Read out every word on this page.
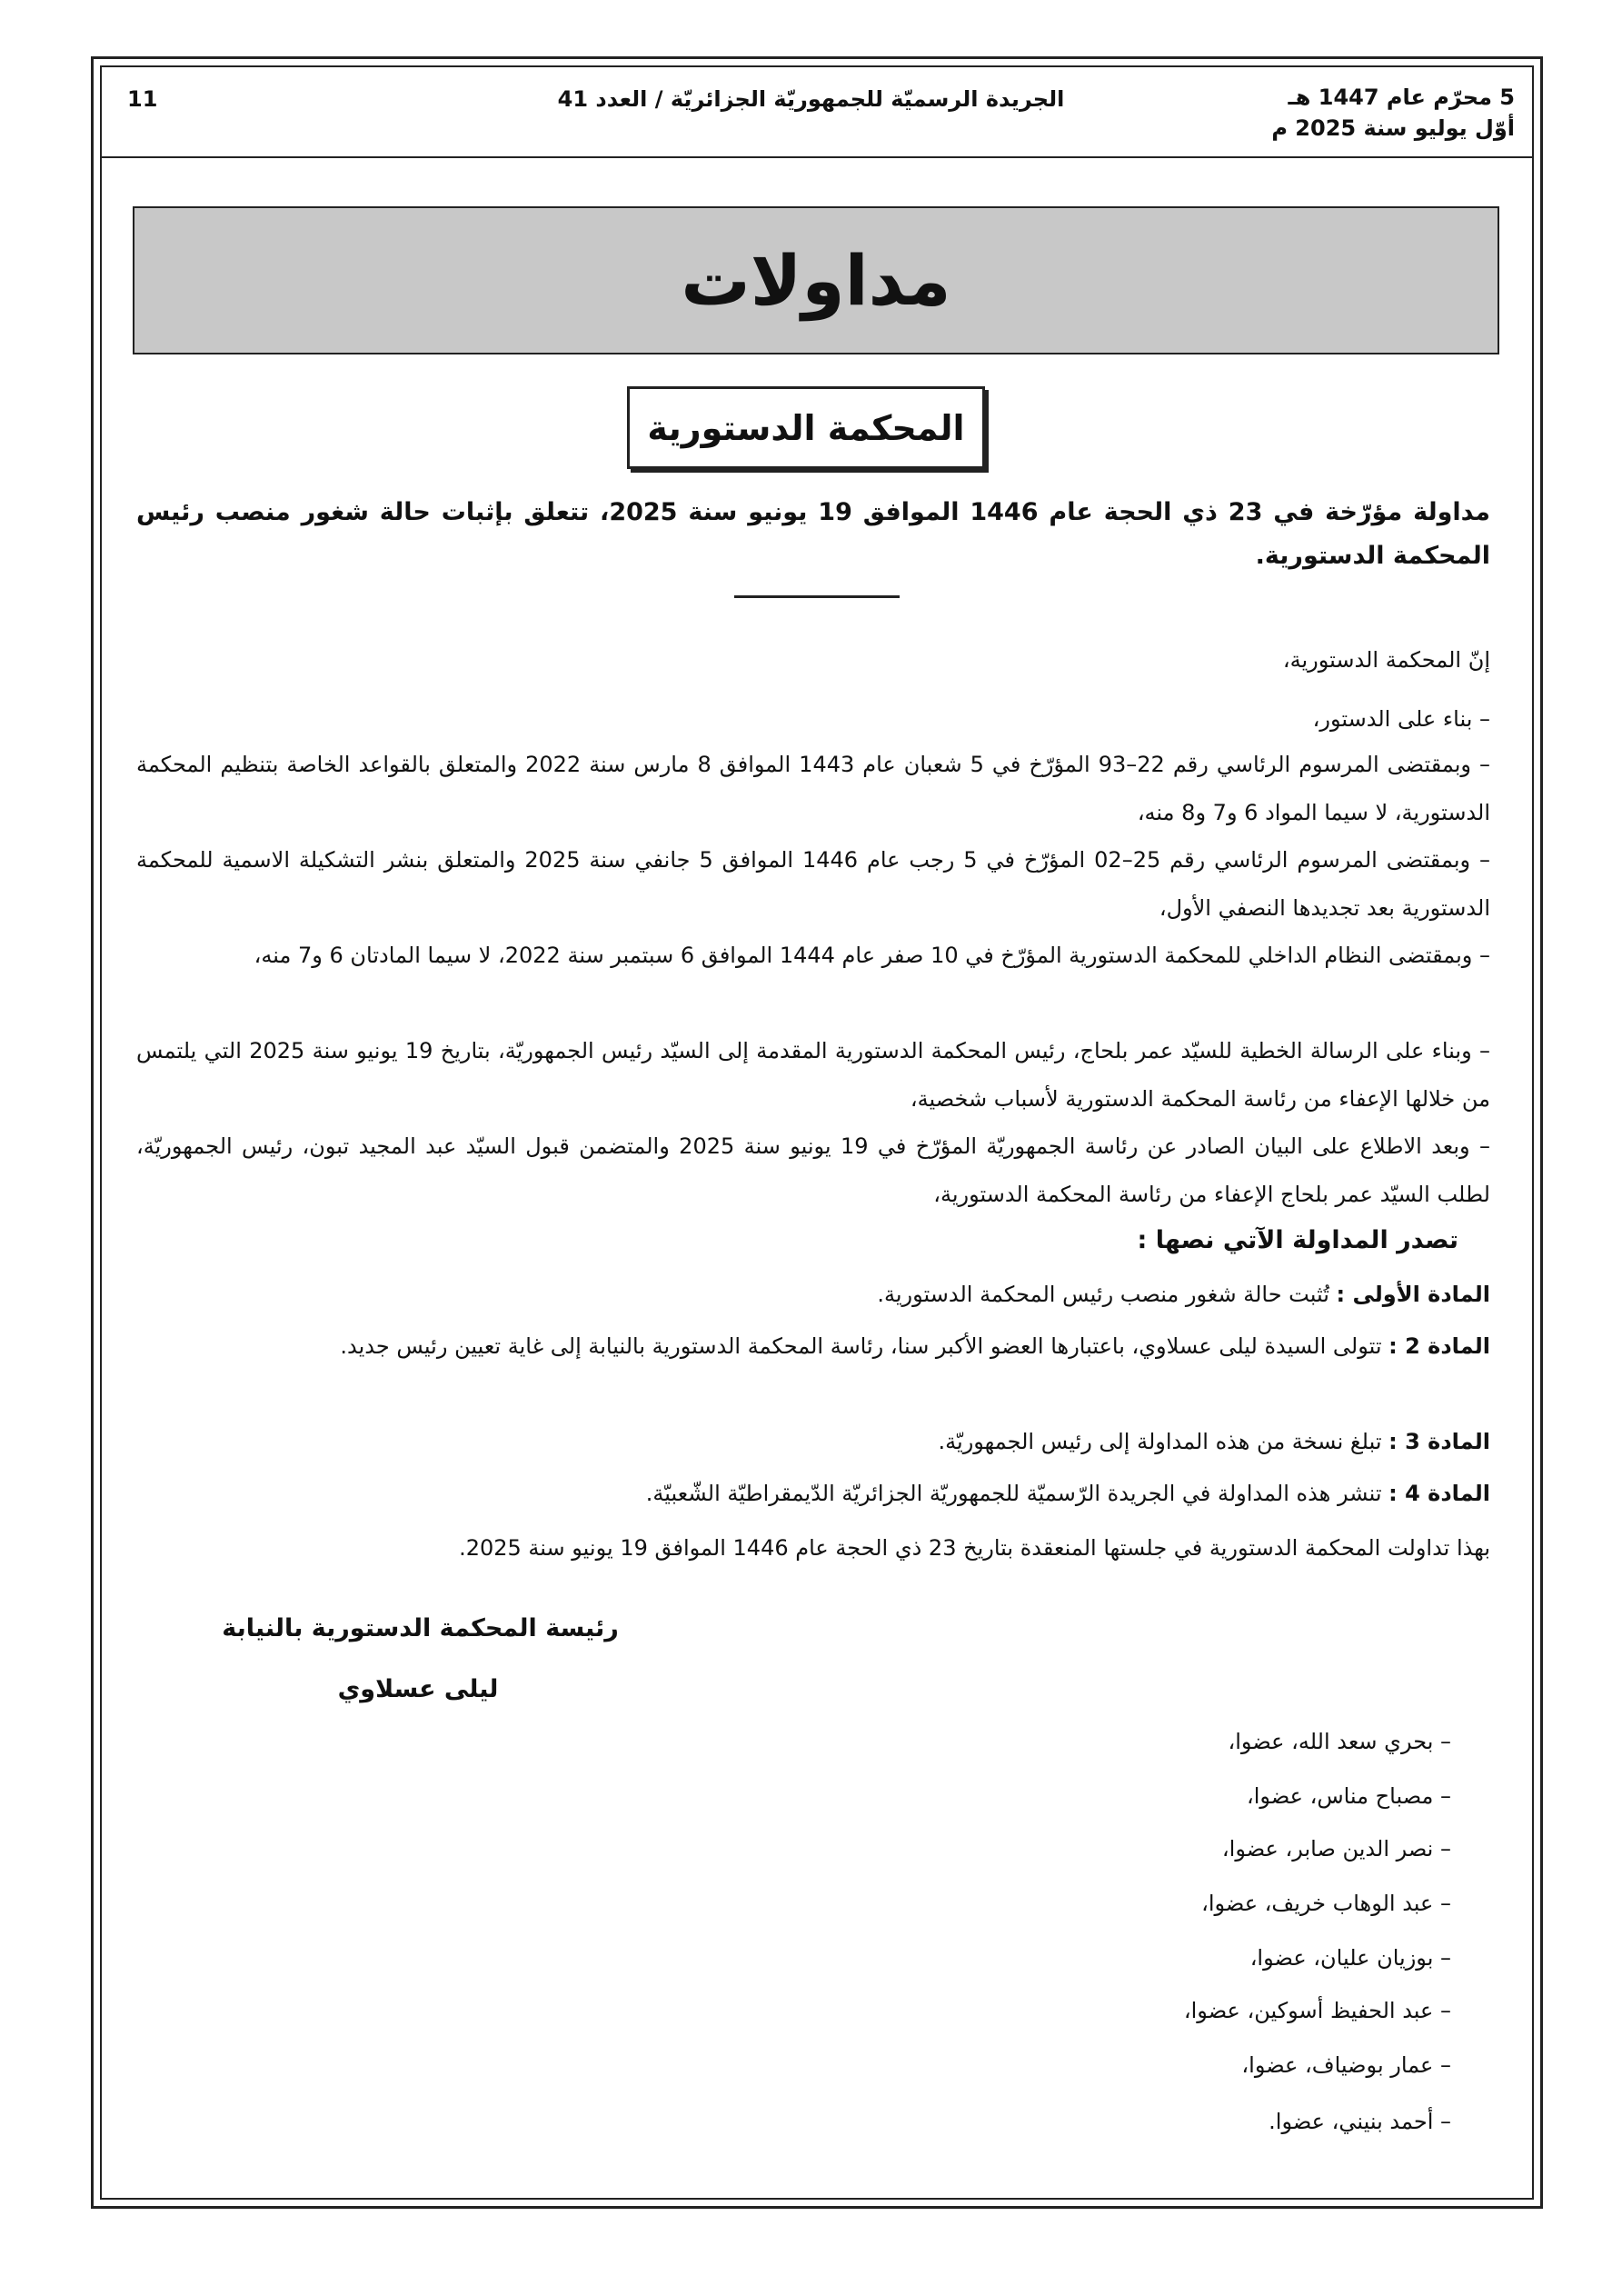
5 محرّم عام 1447 هـ
أوّل يوليو سنة 2025 م
الجريدة الرسميّة للجمهوريّة الجزائريّة / العدد 41
11
مداولات
المحكمة الدستورية
مداولة مؤرّخة في 23 ذي الحجة عام 1446 الموافق 19 يونيو سنة 2025، تتعلق بإثبات حالة شغور منصب رئيس المحكمة الدستورية.
إنّ المحكمة الدستورية،
– بناء على الدستور،
– وبمقتضى المرسوم الرئاسي رقم 22–93 المؤرّخ في 5 شعبان عام 1443 الموافق 8 مارس سنة 2022 والمتعلق بالقواعد الخاصة بتنظيم المحكمة الدستورية، لا سيما المواد 6 و7 و8 منه،
– وبمقتضى المرسوم الرئاسي رقم 25–02 المؤرّخ في 5 رجب عام 1446 الموافق 5 جانفي سنة 2025 والمتعلق بنشر التشكيلة الاسمية للمحكمة الدستورية بعد تجديدها النصفي الأول،
– وبمقتضى النظام الداخلي للمحكمة الدستورية المؤرّخ في 10 صفر عام 1444 الموافق 6 سبتمبر سنة 2022، لا سيما المادتان 6 و7 منه،
– وبناء على الرسالة الخطية للسيّد عمر بلحاج، رئيس المحكمة الدستورية المقدمة إلى السيّد رئيس الجمهوريّة، بتاريخ 19 يونيو سنة 2025 التي يلتمس من خلالها الإعفاء من رئاسة المحكمة الدستورية لأسباب شخصية،
– وبعد الاطلاع على البيان الصادر عن رئاسة الجمهوريّة المؤرّخ في 19 يونيو سنة 2025 والمتضمن قبول السيّد عبد المجيد تبون، رئيس الجمهوريّة، لطلب السيّد عمر بلحاج الإعفاء من رئاسة المحكمة الدستورية،
تصدر المداولة الآتي نصها :
المادة الأولى : تُثبت حالة شغور منصب رئيس المحكمة الدستورية.
المادة 2 : تتولى السيدة ليلى عسلاوي، باعتبارها العضو الأكبر سنا، رئاسة المحكمة الدستورية بالنيابة إلى غاية تعيين رئيس جديد.
المادة 3 : تبلغ نسخة من هذه المداولة إلى رئيس الجمهوريّة.
المادة 4 : تنشر هذه المداولة في الجريدة الرّسميّة للجمهوريّة الجزائريّة الدّيمقراطيّة الشّعبيّة.
بهذا تداولت المحكمة الدستورية في جلستها المنعقدة بتاريخ 23 ذي الحجة عام 1446 الموافق 19 يونيو سنة 2025.
رئيسة المحكمة الدستورية بالنيابة
ليلى عسلاوي
– بحري سعد الله، عضوا،
– مصباح مناس، عضوا،
– نصر الدين صابر، عضوا،
– عبد الوهاب خريف، عضوا،
– بوزيان عليان، عضوا،
– عبد الحفيظ أسوكين، عضوا،
– عمار بوضياف، عضوا،
– أحمد بنيني، عضوا.
